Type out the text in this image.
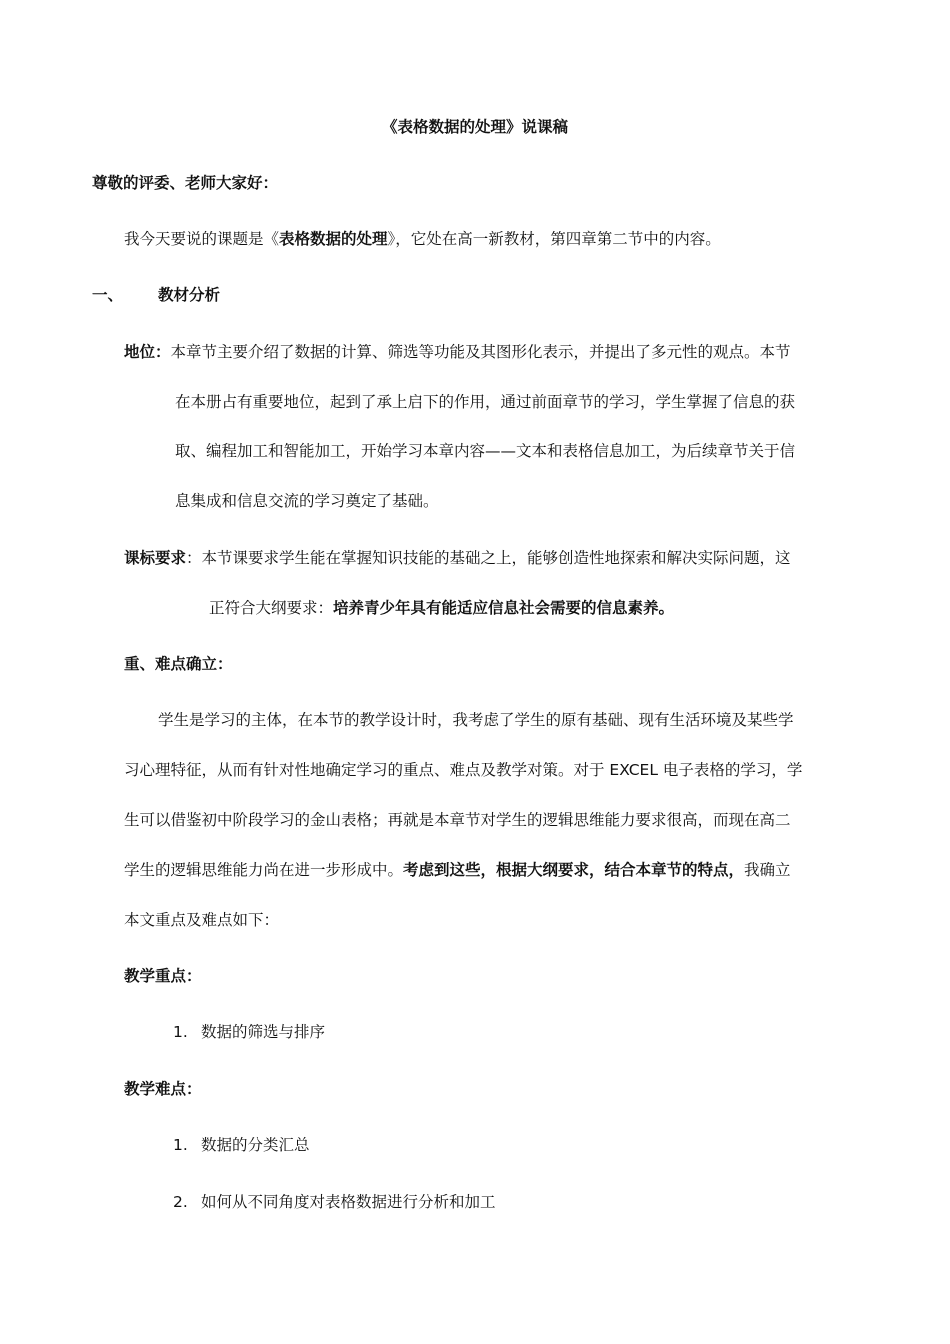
《表格数据的处理》说课稿
尊敬的评委、老师大家好：
我今天要说的课题是《表格数据的处理》，它处在高一新教材，第四章第二节中的内容。
一、 教材分析
地位：本章节主要介绍了数据的计算、筛选等功能及其图形化表示，并提出了多元性的观点。本节
在本册占有重要地位，起到了承上启下的作用，通过前面章节的学习，学生掌握了信息的获
取、编程加工和智能加工，开始学习本章内容——文本和表格信息加工，为后续章节关于信
息集成和信息交流的学习奠定了基础。
课标要求：本节课要求学生能在掌握知识技能的基础之上，能够创造性地探索和解决实际问题，这
正符合大纲要求：培养青少年具有能适应信息社会需要的信息素养。
重、难点确立：
学生是学习的主体，在本节的教学设计时，我考虑了学生的原有基础、现有生活环境及某些学
习心理特征，从而有针对性地确定学习的重点、难点及教学对策。对于 EXCEL 电子表格的学习，学
生可以借鉴初中阶段学习的金山表格；再就是本章节对学生的逻辑思维能力要求很高，而现在高二
学生的逻辑思维能力尚在进一步形成中。考虑到这些，根据大纲要求，结合本章节的特点，我确立
本文重点及难点如下：
教学重点：
1. 数据的筛选与排序
教学难点：
1. 数据的分类汇总
2. 如何从不同角度对表格数据进行分析和加工
